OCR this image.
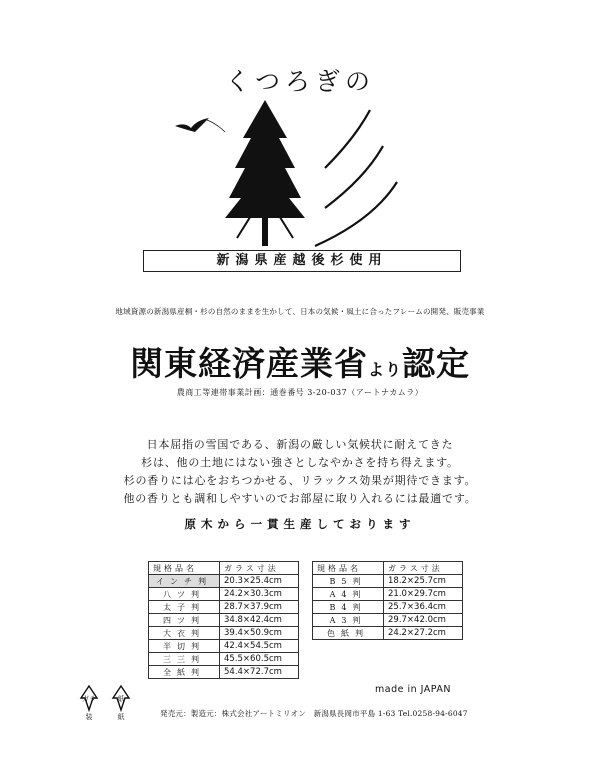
くつろぎの
新潟県産越後杉使用
地域資源の新潟県産桐・杉の自然のままを生かして、日本の気候・風土に合ったフレームの開発、販売事業
関東経済産業省より認定
農商工等連帯事業計画：通巻番号 3-20-037（アートナカムラ）
日本屈指の雪国である、新潟の厳しい気候状に耐えてきた
杉は、他の土地にはない強さとしなやかさを持ち得えます。
杉の香りには心をおちつかせる、リラックス効果が期待できます。
他の香りとも調和しやすいのでお部屋に取り入れるには最適です。
原木から一貫生産しております
規格品名	ガラス寸法
インチ判	20.3×25.4cm
八ツ判	24.2×30.3cm
太子判	28.7×37.9cm
四ツ判	34.8×42.4cm
大衣判	39.4×50.9cm
半切判	42.4×54.5cm
三三判	45.5×60.5cm
全紙判	54.4×72.7cm
規格品名	ガラス寸法
B5判	18.2×25.7cm
A4判	21.0×29.7cm
B4判	25.7×36.4cm
A3判	29.7×42.0cm
色紙判	24.2×27.2cm
made in JAPAN
ガラ	紙
装	紙	発売元：製造元：株式会社アートミリオン　新潟県長岡市平島 1-63 Tel.0258-94-6047
